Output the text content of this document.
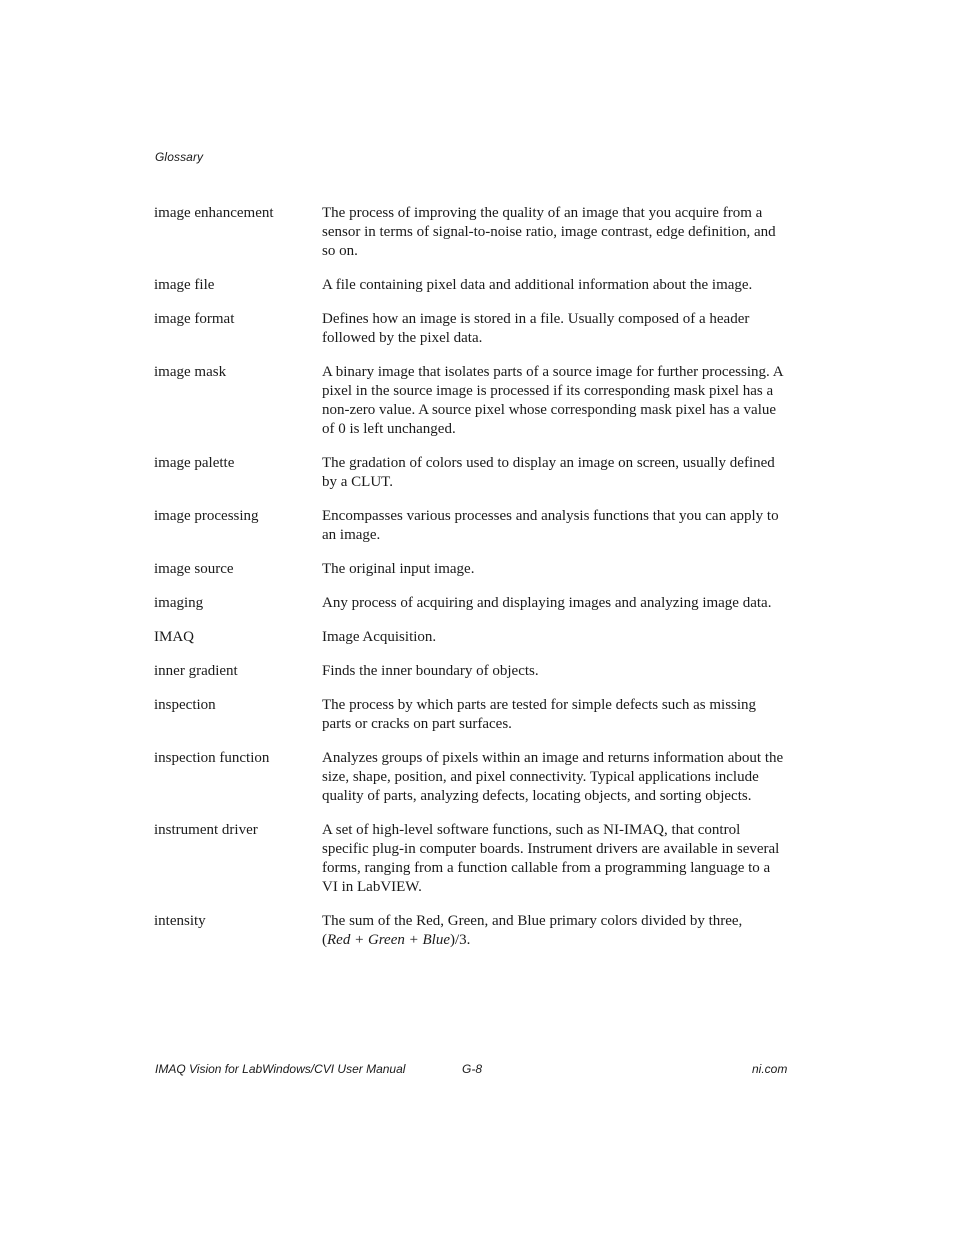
Glossary
image enhancement	The process of improving the quality of an image that you acquire from a sensor in terms of signal-to-noise ratio, image contrast, edge definition, and so on.
image file	A file containing pixel data and additional information about the image.
image format	Defines how an image is stored in a file. Usually composed of a header followed by the pixel data.
image mask	A binary image that isolates parts of a source image for further processing. A pixel in the source image is processed if its corresponding mask pixel has a non-zero value. A source pixel whose corresponding mask pixel has a value of 0 is left unchanged.
image palette	The gradation of colors used to display an image on screen, usually defined by a CLUT.
image processing	Encompasses various processes and analysis functions that you can apply to an image.
image source	The original input image.
imaging	Any process of acquiring and displaying images and analyzing image data.
IMAQ	Image Acquisition.
inner gradient	Finds the inner boundary of objects.
inspection	The process by which parts are tested for simple defects such as missing parts or cracks on part surfaces.
inspection function	Analyzes groups of pixels within an image and returns information about the size, shape, position, and pixel connectivity. Typical applications include quality of parts, analyzing defects, locating objects, and sorting objects.
instrument driver	A set of high-level software functions, such as NI-IMAQ, that control specific plug-in computer boards. Instrument drivers are available in several forms, ranging from a function callable from a programming language to a VI in LabVIEW.
intensity	The sum of the Red, Green, and Blue primary colors divided by three,
(Red + Green + Blue)/3.
IMAQ Vision for LabWindows/CVI User Manual	G-8	ni.com
